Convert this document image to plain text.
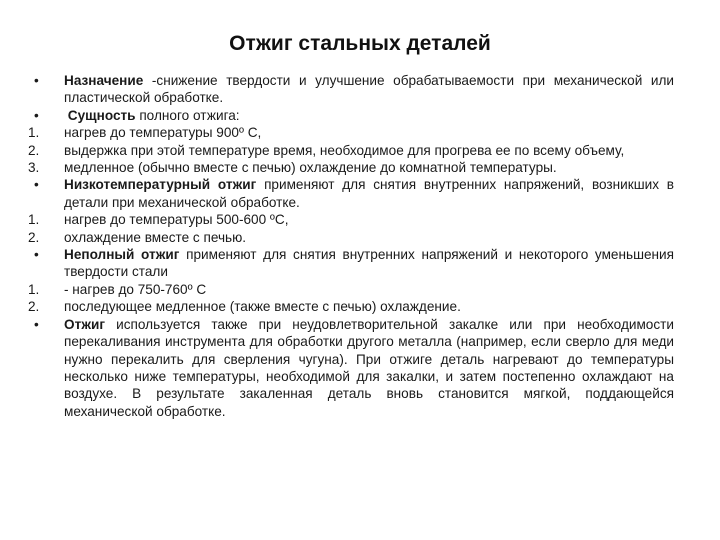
Отжиг стальных деталей
•	Назначение -снижение твердости и улучшение обрабатываемости при механической или пластической обработке.
•	Сущность полного отжига:
1.	нагрев до температуры 900º С,
2.	выдержка при этой температуре время, необходимое для прогрева ее по всему объему,
3.	медленное (обычно вместе с печью) охлаждение до комнатной температуры.
•	Низкотемпературный отжиг применяют для снятия внутренних напряжений, возникших в детали при механической обработке.
1.	нагрев до температуры 500-600 ºС,
2.	охлаждение вместе с печью.
•	Неполный отжиг применяют для снятия внутренних напряжений и некоторого уменьшения твердости стали
1.	- нагрев до 750-760º С
2.	последующее медленное (также вместе с печью) охлаждение.
•	Отжиг используется также при неудовлетворительной закалке или при необходимости перекаливания инструмента для обработки другого металла (например, если сверло для меди нужно перекалить для сверления чугуна). При отжиге деталь нагревают до температуры несколько ниже температуры, необходимой для закалки, и затем постепенно охлаждают на воздухе. В результате закаленная деталь вновь становится мягкой, поддающейся механической обработке.
